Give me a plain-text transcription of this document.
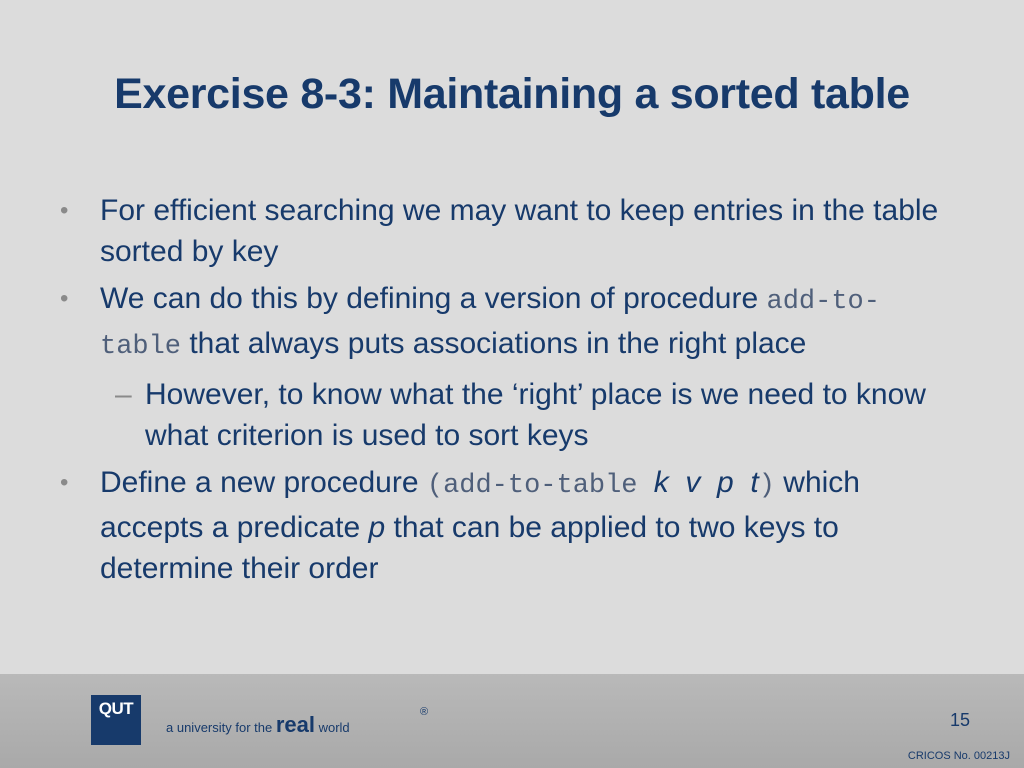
Exercise 8-3: Maintaining a sorted table
• For efficient searching we may want to keep entries in the table sorted by key
• We can do this by defining a version of procedure add-to-table that always puts associations in the right place
– However, to know what the ‘right’ place is we need to know what criterion is used to sort keys
• Define a new procedure (add-to-table k  v  p  t) which accepts a predicate p that can be applied to two keys to determine their order
QUT
a university for the real world
®	15
CRICOS No. 00213J
